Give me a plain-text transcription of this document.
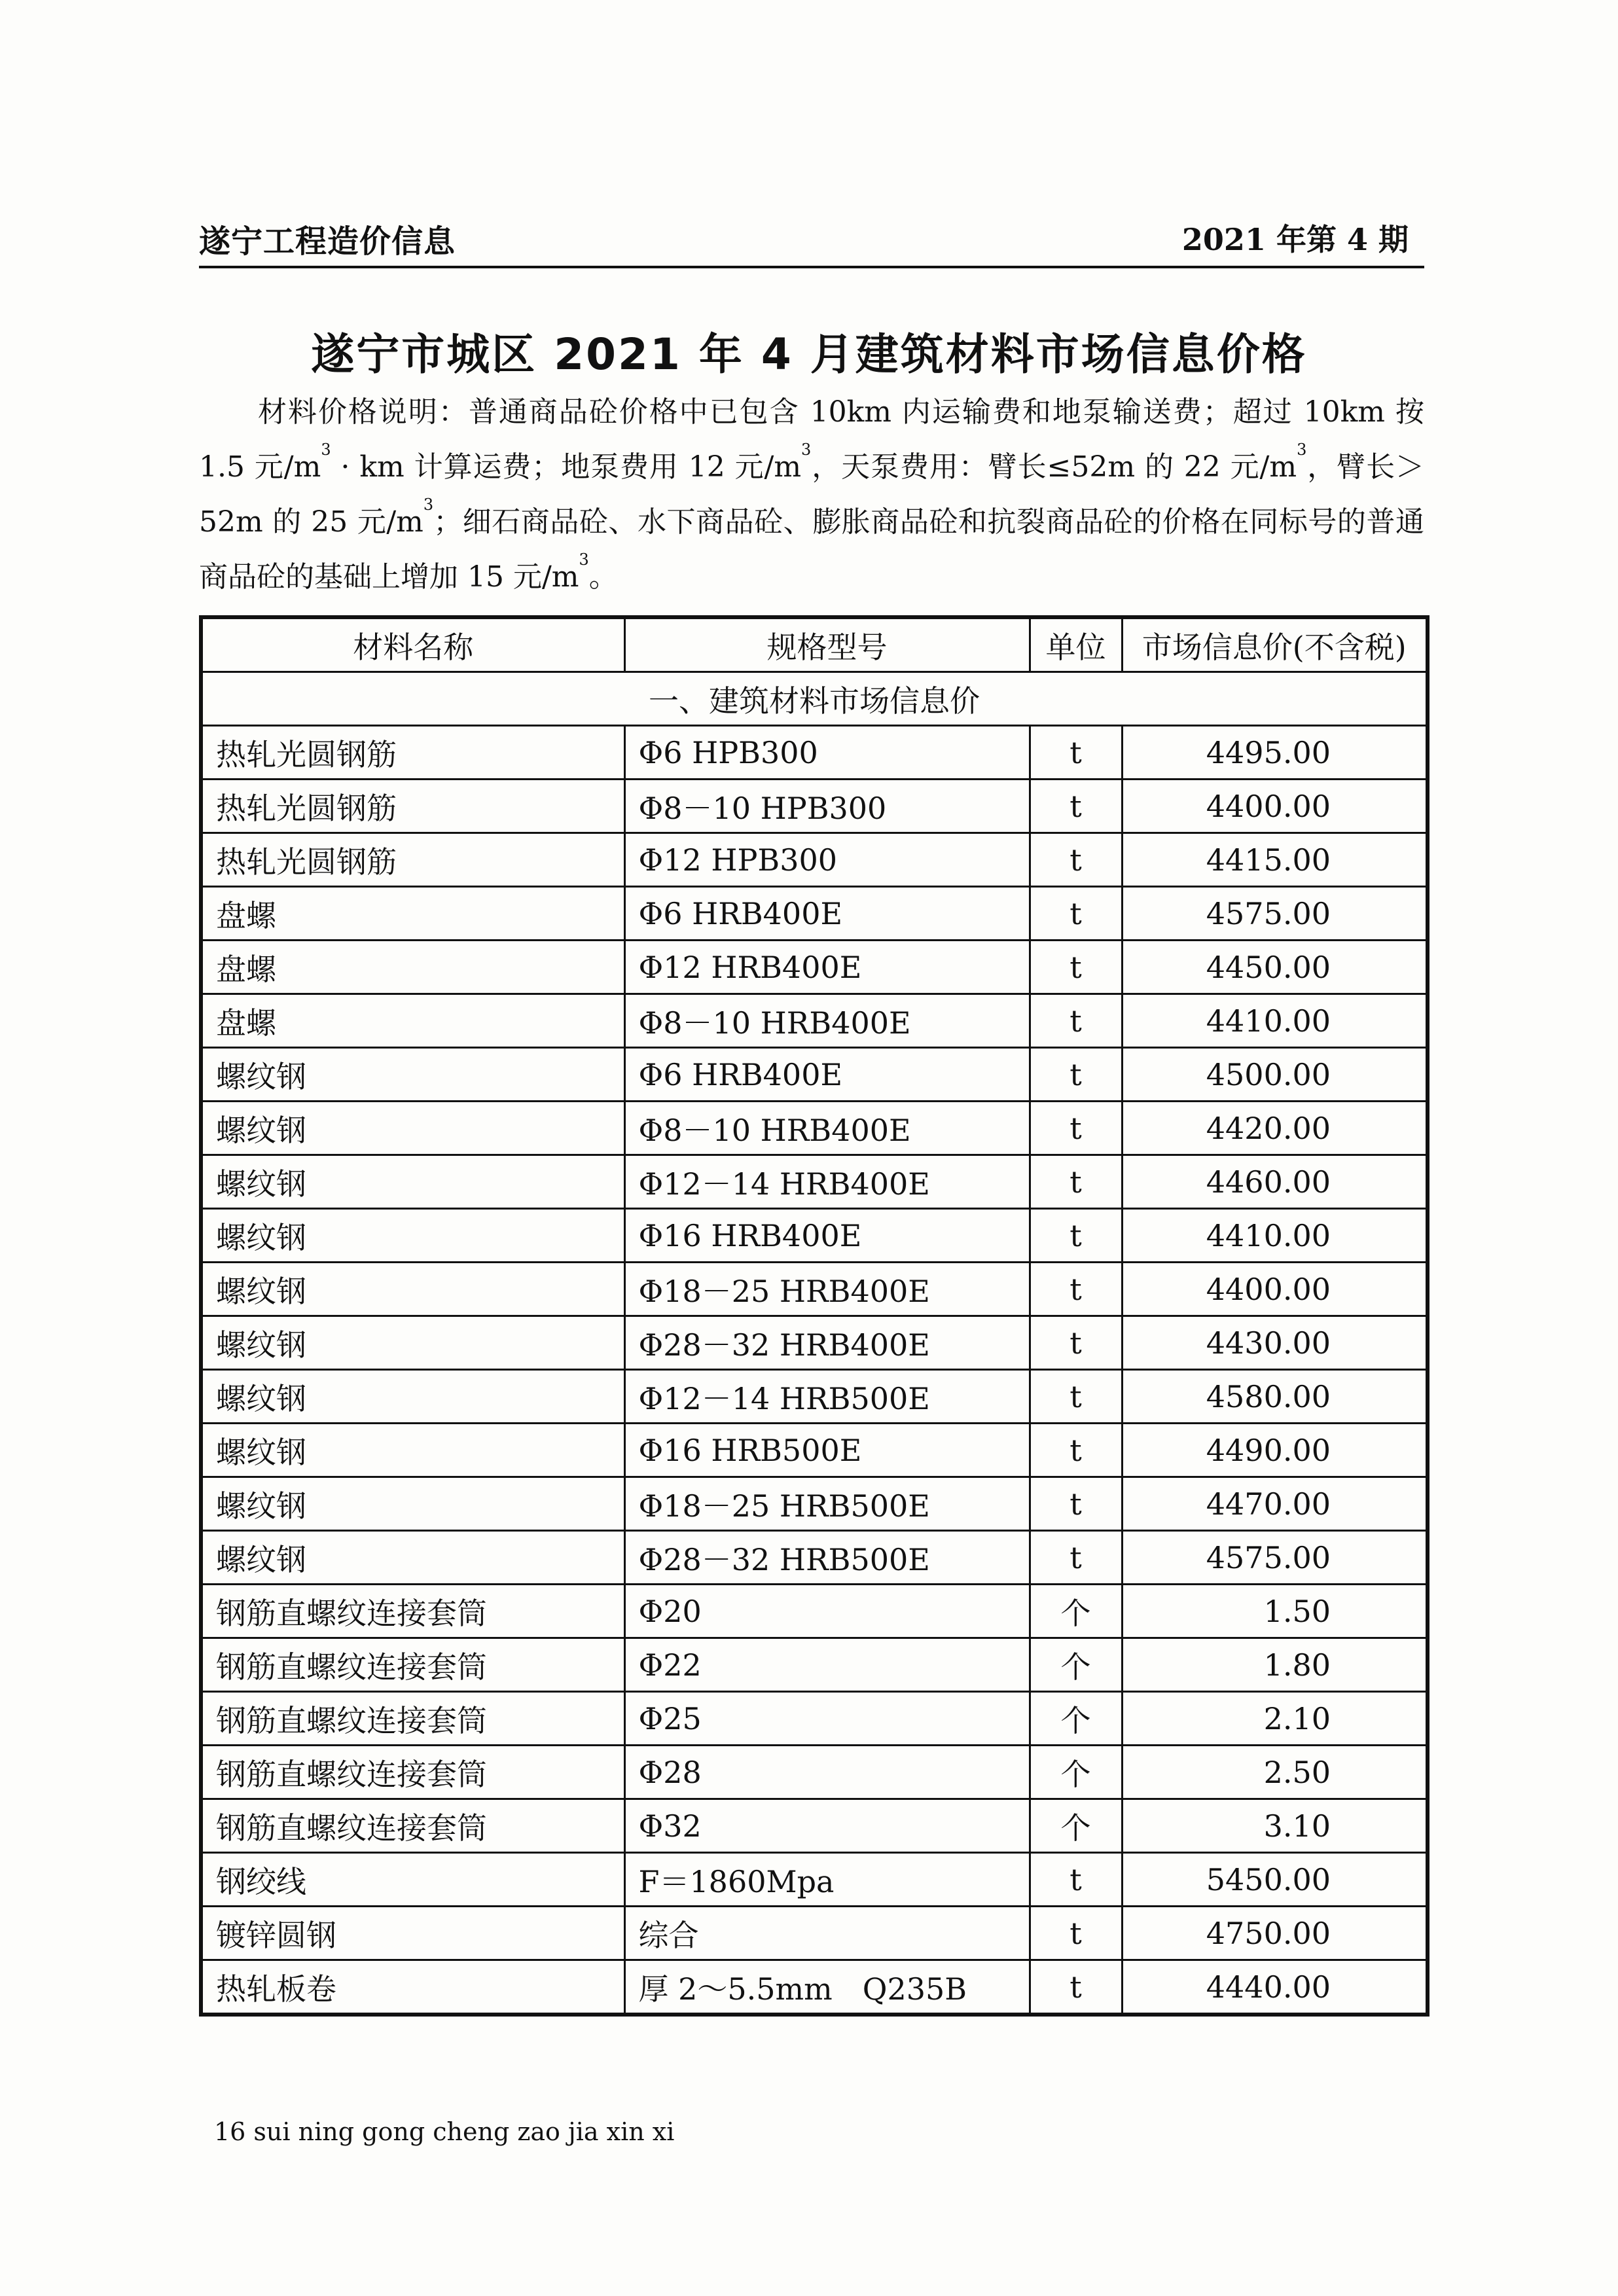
遂宁工程造价信息	2021 年第 4 期
遂宁市城区 2021 年 4 月建筑材料市场信息价格
  材料价格说明：普通商品砼价格中已包含 10km 内运输费和地泵输送费；超过 10km 按 1.5 元$/m^3$ · km 计算运费；地泵费用 12 元$/m^3$，天泵费用：臂长≤52m 的 22 元$/m^3$，臂长＞52m 的 25 元$/m^3$；细石商品砼、水下商品砼、膨胀商品砼和抗裂商品砼的价格在同标号的普通商品砼的基础上增加 15 元$/m^3$。
材料名称	规格型号	单位	市场信息价(不含税)
一、建筑材料市场信息价			
热轧光圆钢筋	Φ6 HPB300	t	4495.00
热轧光圆钢筋	Φ8－10 HPB300	t	4400.00
热轧光圆钢筋	Φ12 HPB300	t	4415.00
盘螺	Φ6 HRB400E	t	4575.00
盘螺	Φ12 HRB400E	t	4450.00
盘螺	Φ8－10 HRB400E	t	4410.00
螺纹钢	Φ6 HRB400E	t	4500.00
螺纹钢	Φ8－10 HRB400E	t	4420.00
螺纹钢	Φ12－14 HRB400E	t	4460.00
螺纹钢	Φ16 HRB400E	t	4410.00
螺纹钢	Φ18－25 HRB400E	t	4400.00
螺纹钢	Φ28－32 HRB400E	t	4430.00
螺纹钢	Φ12－14 HRB500E	t	4580.00
螺纹钢	Φ16 HRB500E	t	4490.00
螺纹钢	Φ18－25 HRB500E	t	4470.00
螺纹钢	Φ28－32 HRB500E	t	4575.00
钢筋直螺纹连接套筒	Φ20	个	1.50
钢筋直螺纹连接套筒	Φ22	个	1.80
钢筋直螺纹连接套筒	Φ25	个	2.10
钢筋直螺纹连接套筒	Φ28	个	2.50
钢筋直螺纹连接套筒	Φ32	个	3.10
钢绞线	F＝1860Mpa	t	5450.00
镀锌圆钢	综合	t	4750.00
热轧板卷	厚 2～5.5mm　Q235B	t	4440.00
16 sui ning gong cheng zao jia xin xi
